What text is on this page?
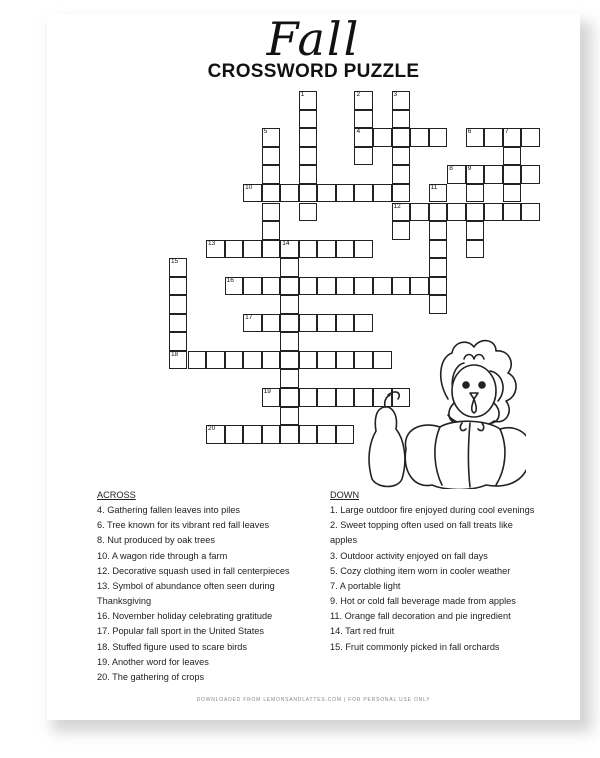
Fall
CROSSWORD PUZZLE
1	2
4
3
12
5	6	7
8 9
10	11
13	14
15
18
16
17
19
20
ACROSS
4. Gathering fallen leaves into piles
6. Tree known for its vibrant red fall leaves
8. Nut produced by oak trees
10. A wagon ride through a farm
12. Decorative squash used in fall centerpieces
13. Symbol of abundance often seen during
Thanksgiving
16. November holiday celebrating gratitude
17. Popular fall sport in the United States
18. Stuffed figure used to scare birds
19. Another word for leaves
20. The gathering of crops
DOWN
1. Large outdoor fire enjoyed during cool evenings
2. Sweet topping often used on fall treats like
apples
3. Outdoor activity enjoyed on fall days
5. Cozy clothing item worn in cooler weather
7. A portable light
9. Hot or cold fall beverage made from apples
11. Orange fall decoration and pie ingredient
14. Tart red fruit
15. Fruit commonly picked in fall orchards
DOWNLOADED FROM LEMONSANDLATTES.COM | FOR PERSONAL USE ONLY
